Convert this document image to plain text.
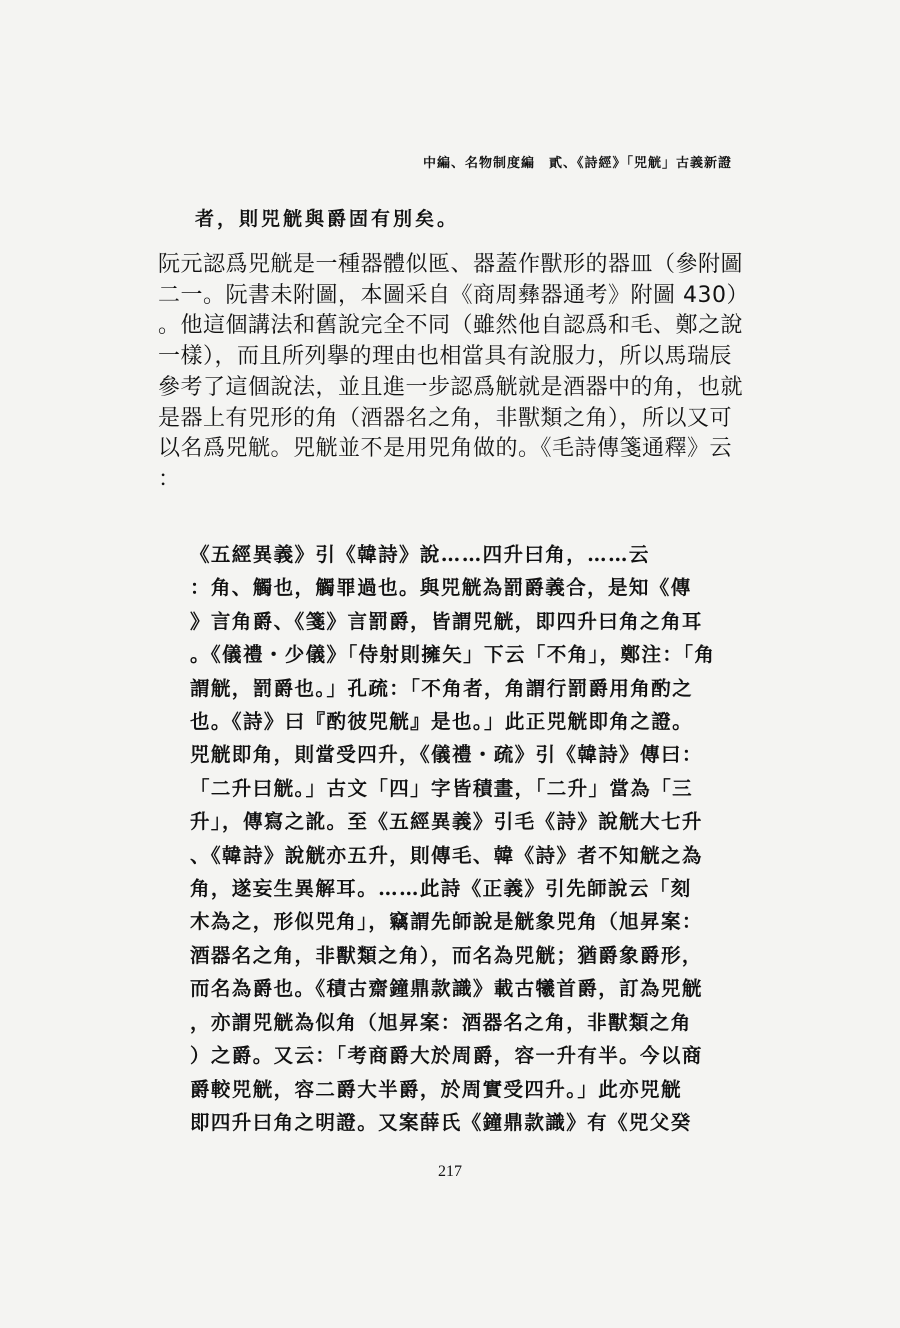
中編、名物制度編　貳、《詩經》「兕觥」古義新證
者，則兕觥與爵固有別矣。
阮元認爲兕觥是一種器體似匜、器蓋作獸形的器皿（參附圖
二一。阮書未附圖，本圖采自《商周彝器通考》附圖 430）
。他這個講法和舊說完全不同（雖然他自認爲和毛、鄭之說
一樣），而且所列擧的理由也相當具有說服力，所以馬瑞辰
參考了這個說法，並且進一步認爲觥就是酒器中的角，也就
是器上有兕形的角（酒器名之角，非獸類之角），所以又可
以名爲兕觥。兕觥並不是用兕角做的。《毛詩傳箋通釋》云
：
《五經異義》引《韓詩》說……四升曰角，……云
：角、觸也，觸罪過也。與兕觥為罰爵義合，是知《傳
》言角爵、《箋》言罰爵，皆謂兕觥，即四升曰角之角耳
。《儀禮・少儀》「侍射則擁矢」下云「不角」，鄭注：「角
謂觥，罰爵也。」孔疏：「不角者，角謂行罰爵用角酌之
也。《詩》曰『酌彼兕觥』是也。」此正兕觥即角之證。
兕觥即角，則當受四升，《儀禮・疏》引《韓詩》傳曰：
「二升曰觥。」古文「四」字皆積畫，「二升」當為「三
升」，傳寫之訛。至《五經異義》引毛《詩》說觥大七升
、《韓詩》說觥亦五升，則傳毛、韓《詩》者不知觥之為
角，遂妄生異解耳。……此詩《正義》引先師說云「刻
木為之，形似兕角」，竊謂先師說是觥象兕角（旭昇案：
酒器名之角，非獸類之角），而名為兕觥；猶爵象爵形，
而名為爵也。《積古齋鐘鼎款識》載古犧首爵，訂為兕觥
，亦謂兕觥為似角（旭昇案：酒器名之角，非獸類之角
）之爵。又云：「考商爵大於周爵，容一升有半。今以商
爵較兕觥，容二爵大半爵，於周實受四升。」此亦兕觥
即四升曰角之明證。又案薛氏《鐘鼎款識》有《兕父癸
217
